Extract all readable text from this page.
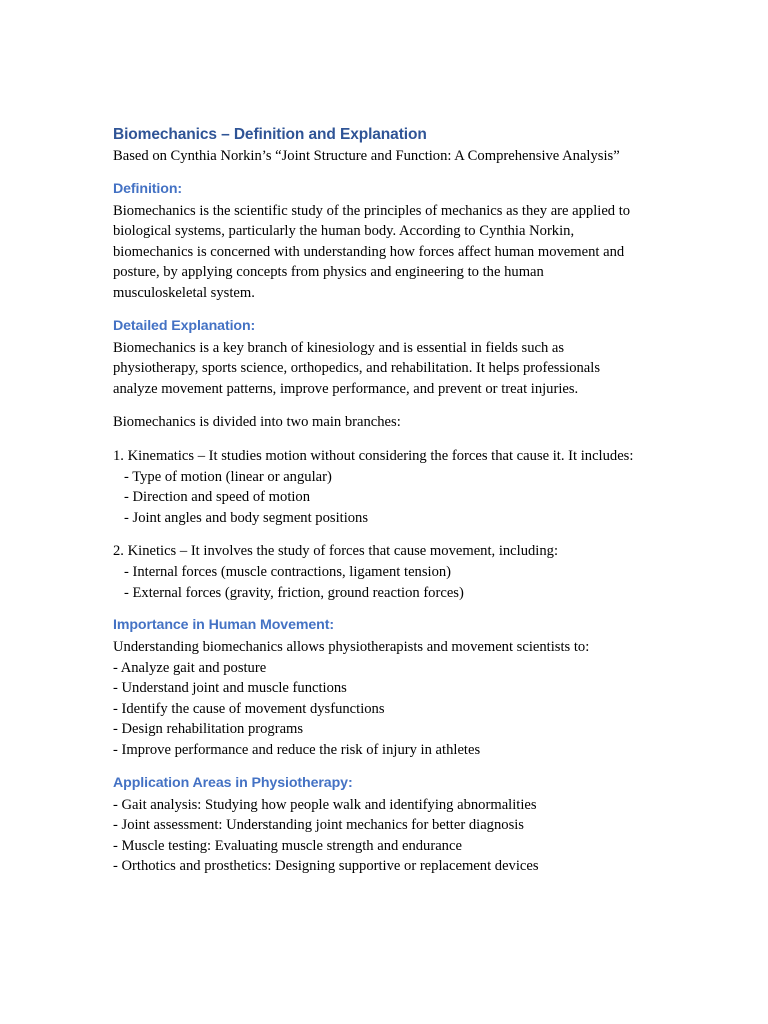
Biomechanics – Definition and Explanation

Based on Cynthia Norkin’s “Joint Structure and Function: A Comprehensive Analysis”

Definition:

Biomechanics is the scientific study of the principles of mechanics as they are applied to
biological systems, particularly the human body. According to Cynthia Norkin,
biomechanics is concerned with understanding how forces affect human movement and
posture, by applying concepts from physics and engineering to the human
musculoskeletal system.

Detailed Explanation:

Biomechanics is a key branch of kinesiology and is essential in fields such as
physiotherapy, sports science, orthopedics, and rehabilitation. It helps professionals
analyze movement patterns, improve performance, and prevent or treat injuries.

Biomechanics is divided into two main branches:

1. Kinematics – It studies motion without considering the forces that cause it. It includes:
- Type of motion (linear or angular)
- Direction and speed of motion
- Joint angles and body segment positions
2. Kinetics – It involves the study of forces that cause movement, including:
- Internal forces (muscle contractions, ligament tension)
- External forces (gravity, friction, ground reaction forces)
Importance in Human Movement:
Understanding biomechanics allows physiotherapists and movement scientists to:
- Analyze gait and posture
- Understand joint and muscle functions
- Identify the cause of movement dysfunctions
- Design rehabilitation programs
- Improve performance and reduce the risk of injury in athletes
Application Areas in Physiotherapy:
- Gait analysis: Studying how people walk and identifying abnormalities
- Joint assessment: Understanding joint mechanics for better diagnosis
- Muscle testing: Evaluating muscle strength and endurance
- Orthotics and prosthetics: Designing supportive or replacement devices
